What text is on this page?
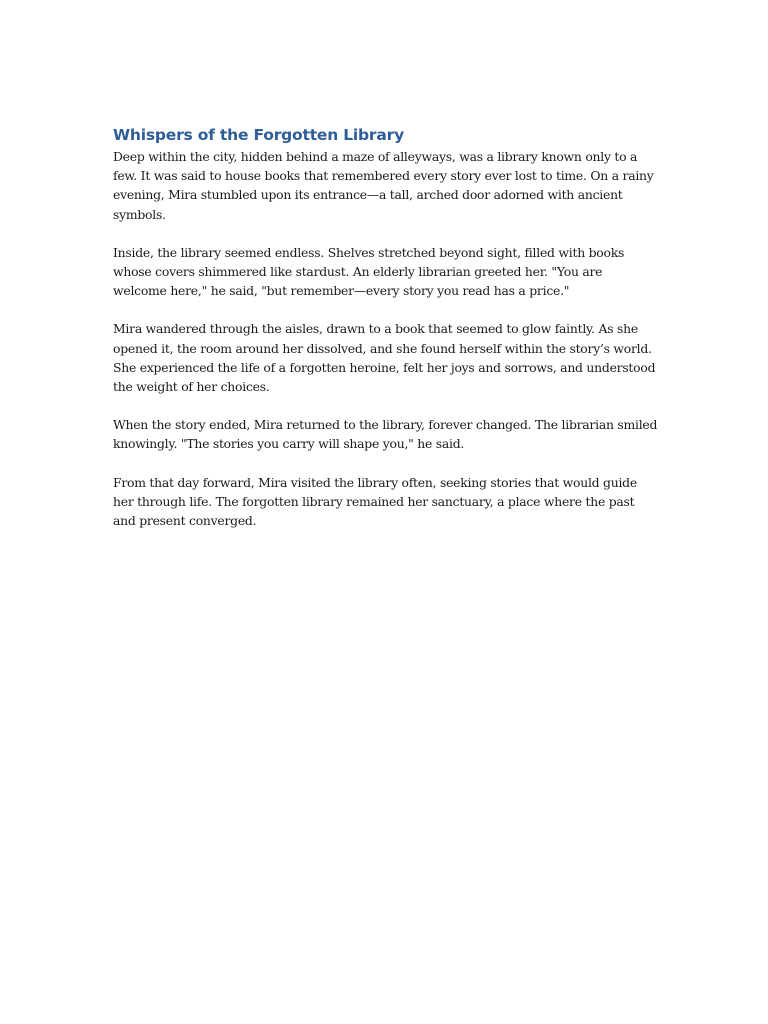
Whispers of the Forgotten Library

Deep within the city, hidden behind a maze of alleyways, was a library known only to a few. It was said to house books that remembered every story ever lost to time. On a rainy evening, Mira stumbled upon its entrance—a tall, arched door adorned with ancient symbols.

Inside, the library seemed endless. Shelves stretched beyond sight, filled with books whose covers shimmered like stardust. An elderly librarian greeted her. "You are welcome here," he said, "but remember—every story you read has a price."

Mira wandered through the aisles, drawn to a book that seemed to glow faintly. As she opened it, the room around her dissolved, and she found herself within the story’s world. She experienced the life of a forgotten heroine, felt her joys and sorrows, and understood the weight of her choices.

When the story ended, Mira returned to the library, forever changed. The librarian smiled knowingly. "The stories you carry will shape you," he said.

From that day forward, Mira visited the library often, seeking stories that would guide her through life. The forgotten library remained her sanctuary, a place where the past and present converged.
